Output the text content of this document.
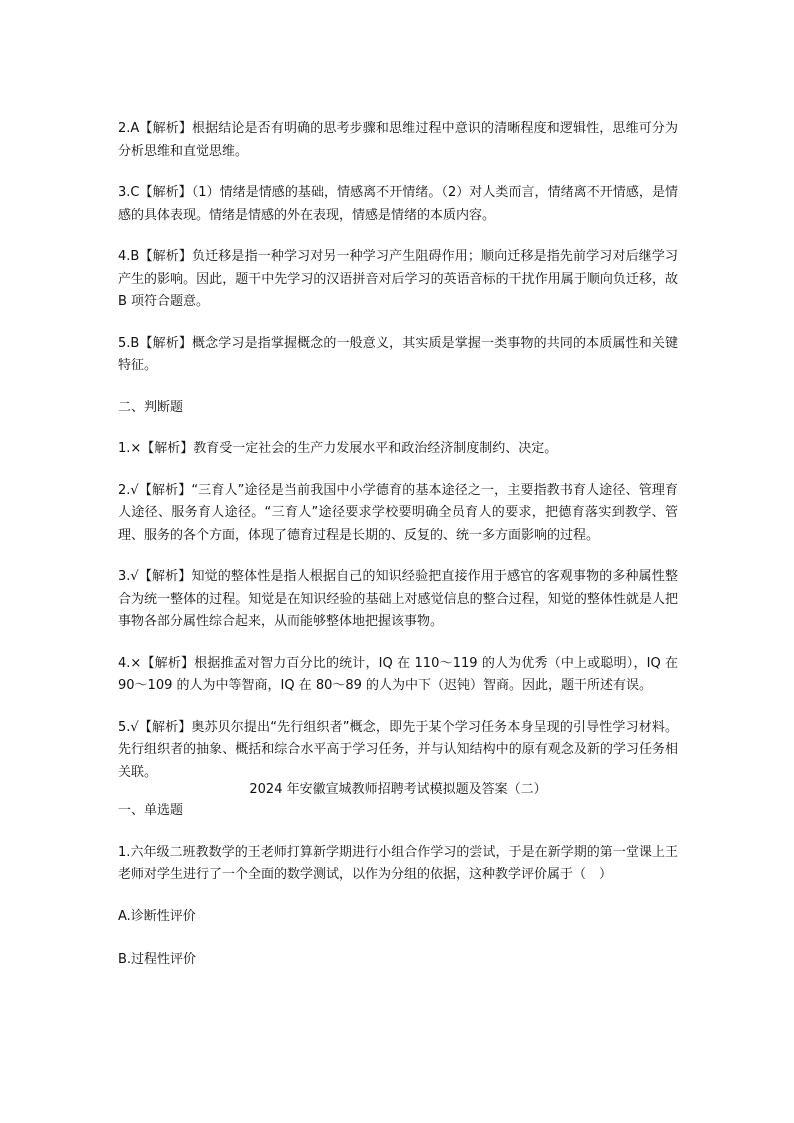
2.A【解析】根据结论是否有明确的思考步骤和思维过程中意识的清晰程度和逻辑性，思维可分为分析思维和直觉思维。

3.C【解析】（1）情绪是情感的基础，情感离不开情绪。（2）对人类而言，情绪离不开情感，是情感的具体表现。情绪是情感的外在表现，情感是情绪的本质内容。

4.B【解析】负迁移是指一种学习对另一种学习产生阻碍作用；顺向迁移是指先前学习对后继学习产生的影响。因此，题干中先学习的汉语拼音对后学习的英语音标的干扰作用属于顺向负迁移，故 B 项符合题意。

5.B【解析】概念学习是指掌握概念的一般意义，其实质是掌握一类事物的共同的本质属性和关键特征。

二、判断题

1.×【解析】教育受一定社会的生产力发展水平和政治经济制度制约、决定。

2.√【解析】“三育人”途径是当前我国中小学德育的基本途径之一，主要指教书育人途径、管理育人途径、服务育人途径。“三育人”途径要求学校要明确全员育人的要求，把德育落实到教学、管理、服务的各个方面，体现了德育过程是长期的、反复的、统一多方面影响的过程。

3.√【解析】知觉的整体性是指人根据自己的知识经验把直接作用于感官的客观事物的多种属性整合为统一整体的过程。知觉是在知识经验的基础上对感觉信息的整合过程，知觉的整体性就是人把事物各部分属性综合起来，从而能够整体地把握该事物。

4.×【解析】根据推孟对智力百分比的统计，IQ 在 110～119 的人为优秀（中上或聪明），IQ 在 90～109 的人为中等智商，IQ 在 80～89 的人为中下（迟钝）智商。因此，题干所述有误。

5.√【解析】奥苏贝尔提出“先行组织者”概念，即先于某个学习任务本身呈现的引导性学习材料。先行组织者的抽象、概括和综合水平高于学习任务，并与认知结构中的原有观念及新的学习任务相关联。

2024 年安徽宣城教师招聘考试模拟题及答案（二）

一、单选题

1.六年级二班教数学的王老师打算新学期进行小组合作学习的尝试，于是在新学期的第一堂课上王老师对学生进行了一个全面的数学测试，以作为分组的依据，这种教学评价属于（　）

A.诊断性评价

B.过程性评价
